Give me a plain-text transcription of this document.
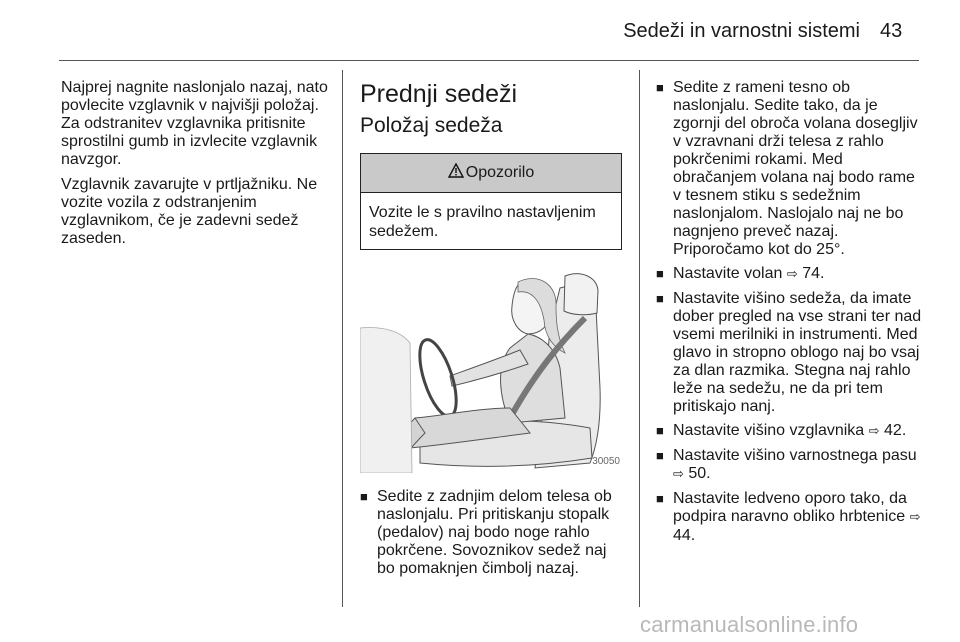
Sedeži in varnostni sistemi 43

Najprej nagnite naslonjalo nazaj, nato povlecite vzglavnik v najvišji položaj. Za odstranitev vzglavnika pritisnite sprostilni gumb in izvlecite vzglavnik navzgor.

Vzglavnik zavarujte v prtljažniku. Ne vozite vozila z odstranjenim vzglavnikom, če je zadevni sedež zaseden.

Prednji sedeži
Položaj sedeža
Opozorilo
Vozite le s pravilno nastavljenim sedežem.
30050
■ Sedite z zadnjim delom telesa ob naslonjalu. Pri pritiskanju stopalk (pedalov) naj bodo noge rahlo pokrčene. Sovoznikov sedež naj bo pomaknjen čimbolj nazaj.
■ Sedite z rameni tesno ob naslonjalu. Sedite tako, da je zgornji del obroča volana dosegljiv v vzravnani drži telesa z rahlo pokrčenimi rokami. Med obračanjem volana naj bodo rame v tesnem stiku s sedežnim naslonjalom. Naslojalo naj ne bo nagnjeno preveč nazaj. Priporočamo kot do 25°.
■ Nastavite volan ⇨ 74.
■ Nastavite višino sedeža, da imate dober pregled na vse strani ter nad vsemi merilniki in instrumenti. Med glavo in stropno oblogo naj bo vsaj za dlan razmika. Stegna naj rahlo leže na sedežu, ne da pri tem pritiskajo nanj.
■ Nastavite višino vzglavnika ⇨ 42.
■ Nastavite višino varnostnega pasu ⇨ 50.
■ Nastavite ledveno oporo tako, da podpira naravno obliko hrbtenice ⇨ 44.
carmanualsonline.info
